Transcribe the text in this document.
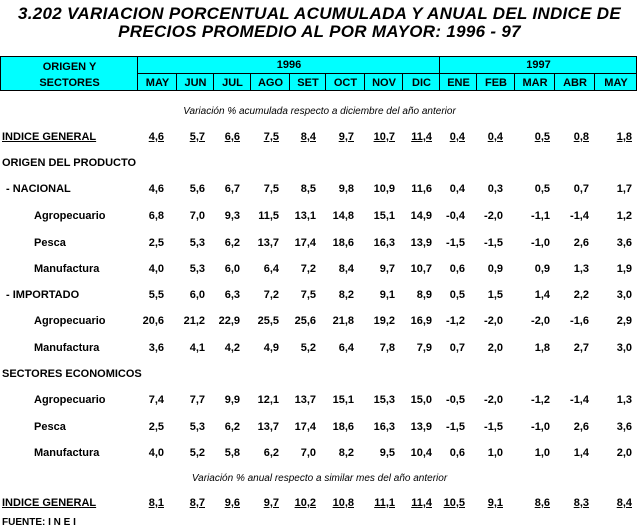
3.202 VARIACION PORCENTUAL ACUMULADA Y ANUAL DEL INDICE DE
PRECIOS PROMEDIO AL POR MAYOR: 1996 - 97
ORIGEN Y
SECTORES
1996	1997
MAY	JUN	JUL	AGO	SET	OCT	NOV	DIC	ENE	FEB	MAR	ABR	MAY
Variación % acumulada respecto a diciembre del año anterior
Variación % anual respecto a similar mes del año anterior
INDICE GENERAL	4,6	5,7	6,6	7,5	8,4	9,7	10,7	11,4	0,4	0,4	0,5	0,8	1,8
ORIGEN DEL PRODUCTO
- NACIONAL	4,6	5,6	6,7	7,5	8,5	9,8	10,9	11,6	0,4	0,3	0,5	0,7	1,7
Agropecuario	6,8	7,0	9,3	11,5	13,1	14,8	15,1	14,9	-0,4	-2,0	-1,1	-1,4	1,2
Pesca	2,5	5,3	6,2	13,7	17,4	18,6	16,3	13,9	-1,5	-1,5	-1,0	2,6	3,6
Manufactura	4,0	5,3	6,0	6,4	7,2	8,4	9,7	10,7	0,6	0,9	0,9	1,3	1,9
- IMPORTADO	5,5	6,0	6,3	7,2	7,5	8,2	9,1	8,9	0,5	1,5	1,4	2,2	3,0
Agropecuario	20,6	21,2	22,9	25,5	25,6	21,8	19,2	16,9	-1,2	-2,0	-2,0	-1,6	2,9
Manufactura	3,6	4,1	4,2	4,9	5,2	6,4	7,8	7,9	0,7	2,0	1,8	2,7	3,0
SECTORES ECONOMICOS
Agropecuario	7,4	7,7	9,9	12,1	13,7	15,1	15,3	15,0	-0,5	-2,0	-1,2	-1,4	1,3
Pesca	2,5	5,3	6,2	13,7	17,4	18,6	16,3	13,9	-1,5	-1,5	-1,0	2,6	3,6
Manufactura	4,0	5,2	5,8	6,2	7,0	8,2	9,5	10,4	0,6	1,0	1,0	1,4	2,0
INDICE GENERAL	8,1	8,7	9,6	9,7	10,2	10,8	11,1	11,4	10,5	9,1	8,6	8,3	8,4
FUENTE: I N E I
